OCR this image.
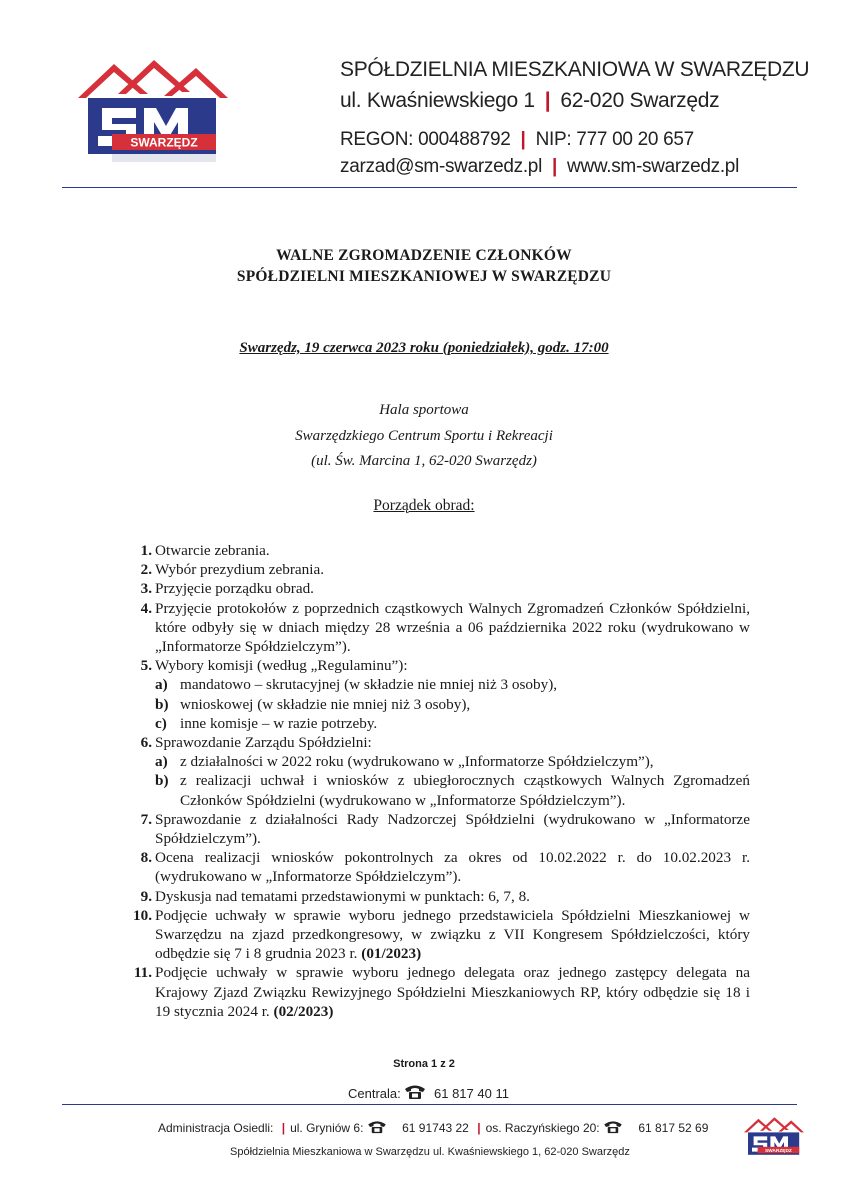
SWARZĘDZ
SPÓŁDZIELNIA MIESZKANIOWA W SWARZĘDZU
ul. Kwaśniewskiego 1 | 62-020 Swarzędz
REGON: 000488792 | NIP: 777 00 20 657
zarzad@sm-swarzedz.pl | www.sm-swarzedz.pl
WALNE ZGROMADZENIE CZŁONKÓW
SPÓŁDZIELNI MIESZKANIOWEJ W SWARZĘDZU
Swarzędz, 19 czerwca 2023 roku (poniedziałek), godz. 17:00
Hala sportowa
Swarzędzkiego Centrum Sportu i Rekreacji
(ul. Św. Marcina 1, 62-020 Swarzędz)
Porządek obrad:
1. Otwarcie zebrania.
2. Wybór prezydium zebrania.
3. Przyjęcie porządku obrad.
4. Przyjęcie protokołów z poprzednich cząstkowych Walnych Zgromadzeń Członków Spółdzielni, które odbyły się w dniach między 28 września a 06 października 2022 roku (wydrukowano w „Informatorze Spółdzielczym”).
5. Wybory komisji (według „Regulaminu”):
a) mandatowo – skrutacyjnej (w składzie nie mniej niż 3 osoby),
b) wnioskowej (w składzie nie mniej niż 3 osoby),
c) inne komisje – w razie potrzeby.
6. Sprawozdanie Zarządu Spółdzielni:
a) z działalności w 2022 roku (wydrukowano w „Informatorze Spółdzielczym”),
b) z realizacji uchwał i wniosków z ubiegłorocznych cząstkowych Walnych Zgromadzeń Członków Spółdzielni (wydrukowano w „Informatorze Spółdzielczym”).
7. Sprawozdanie z działalności Rady Nadzorczej Spółdzielni (wydrukowano w „Informatorze Spółdzielczym”).
8. Ocena realizacji wniosków pokontrolnych za okres od 10.02.2022 r. do 10.02.2023 r. (wydrukowano w „Informatorze Spółdzielczym”).
9. Dyskusja nad tematami przedstawionymi w punktach: 6, 7, 8.
10. Podjęcie uchwały w sprawie wyboru jednego przedstawiciela Spółdzielni Mieszkaniowej w Swarzędzu na zjazd przedkongresowy, w związku z VII Kongresem Spółdzielczości, który odbędzie się 7 i 8 grudnia 2023 r. (01/2023)
11. Podjęcie uchwały w sprawie wyboru jednego delegata oraz jednego zastępcy delegata na Krajowy Zjazd Związku Rewizyjnego Spółdzielni Mieszkaniowych RP, który odbędzie się 18 i 19 stycznia 2024 r. (02/2023)
Strona 1 z 2
Centrala:	61 817 40 11
Administracja Osiedli: | ul. Gryniów 6:	61 91743 22 | os. Raczyńskiego 20:	61 817 52 69
Spółdzielnia Mieszkaniowa w Swarzędzu ul. Kwaśniewskiego 1, 62-020 Swarzędz	SWARZĘDZ
